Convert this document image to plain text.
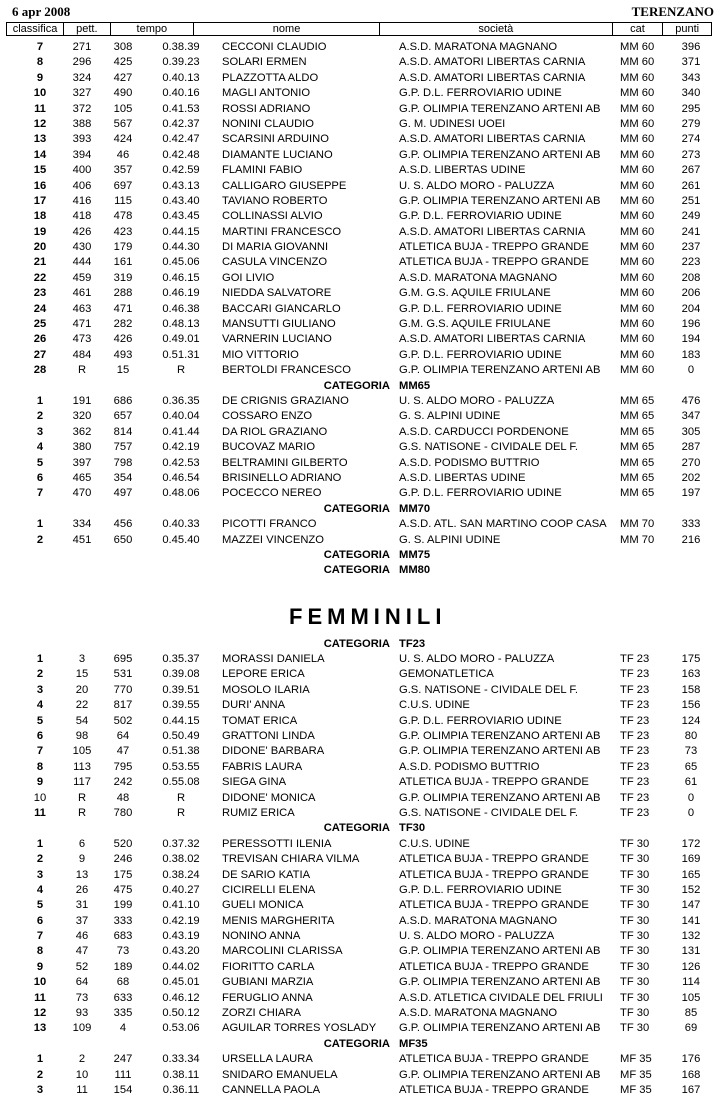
6 apr 2008	TERENZANO
classifica	pett.	tempo	nome	società	cat	punti
7	271	308	0.38.39	CECCONI CLAUDIO	A.S.D. MARATONA MAGNANO	MM 60	396
8	296	425	0.39.23	SOLARI ERMEN	A.S.D. AMATORI LIBERTAS CARNIA	MM 60	371
9	324	427	0.40.13	PLAZZOTTA ALDO	A.S.D. AMATORI LIBERTAS CARNIA	MM 60	343
10	327	490	0.40.16	MAGLI ANTONIO	G.P. D.L. FERROVIARIO UDINE	MM 60	340
11	372	105	0.41.53	ROSSI ADRIANO	G.P. OLIMPIA TERENZANO ARTENI AB	MM 60	295
12	388	567	0.42.37	NONINI CLAUDIO	G. M. UDINESI UOEI	MM 60	279
13	393	424	0.42.47	SCARSINI ARDUINO	A.S.D. AMATORI LIBERTAS CARNIA	MM 60	274
14	394	46	0.42.48	DIAMANTE LUCIANO	G.P. OLIMPIA TERENZANO ARTENI AB	MM 60	273
15	400	357	0.42.59	FLAMINI FABIO	A.S.D. LIBERTAS UDINE	MM 60	267
16	406	697	0.43.13	CALLIGARO GIUSEPPE	U. S. ALDO MORO - PALUZZA	MM 60	261
17	416	115	0.43.40	TAVIANO ROBERTO	G.P. OLIMPIA TERENZANO ARTENI AB	MM 60	251
18	418	478	0.43.45	COLLINASSI ALVIO	G.P. D.L. FERROVIARIO UDINE	MM 60	249
19	426	423	0.44.15	MARTINI FRANCESCO	A.S.D. AMATORI LIBERTAS CARNIA	MM 60	241
20	430	179	0.44.30	DI MARIA GIOVANNI	ATLETICA BUJA - TREPPO GRANDE	MM 60	237
21	444	161	0.45.06	CASULA VINCENZO	ATLETICA BUJA - TREPPO GRANDE	MM 60	223
22	459	319	0.46.15	GOI LIVIO	A.S.D. MARATONA MAGNANO	MM 60	208
23	461	288	0.46.19	NIEDDA SALVATORE	G.M. G.S. AQUILE FRIULANE	MM 60	206
24	463	471	0.46.38	BACCARI GIANCARLO	G.P. D.L. FERROVIARIO UDINE	MM 60	204
25	471	282	0.48.13	MANSUTTI GIULIANO	G.M. G.S. AQUILE FRIULANE	MM 60	196
26	473	426	0.49.01	VARNERIN LUCIANO	A.S.D. AMATORI LIBERTAS CARNIA	MM 60	194
27	484	493	0.51.31	MIO VITTORIO	G.P. D.L. FERROVIARIO UDINE	MM 60	183
28	R	15	R	BERTOLDI FRANCESCO	G.P. OLIMPIA TERENZANO ARTENI AB	MM 60	0
CATEGORIA MM65
1	191	686	0.36.35	DE CRIGNIS GRAZIANO	U. S. ALDO MORO - PALUZZA	MM 65	476
2	320	657	0.40.04	COSSARO ENZO	G. S. ALPINI UDINE	MM 65	347
3	362	814	0.41.44	DA RIOL GRAZIANO	A.S.D. CARDUCCI PORDENONE	MM 65	305
4	380	757	0.42.19	BUCOVAZ MARIO	G.S. NATISONE - CIVIDALE DEL F.	MM 65	287
5	397	798	0.42.53	BELTRAMINI GILBERTO	A.S.D. PODISMO BUTTRIO	MM 65	270
6	465	354	0.46.54	BRISINELLO ADRIANO	A.S.D. LIBERTAS UDINE	MM 65	202
7	470	497	0.48.06	POCECCO NEREO	G.P. D.L. FERROVIARIO UDINE	MM 65	197
CATEGORIA MM70
1	334	456	0.40.33	PICOTTI FRANCO	A.S.D. ATL. SAN MARTINO COOP CASA	MM 70	333
2	451	650	0.45.40	MAZZEI VINCENZO	G. S. ALPINI UDINE	MM 70	216
CATEGORIA MM75
CATEGORIA MM80
FEMMINILI
CATEGORIA TF23
1	3	695	0.35.37	MORASSI DANIELA	U. S. ALDO MORO - PALUZZA	TF 23	175
2	15	531	0.39.08	LEPORE ERICA	GEMONATLETICA	TF 23	163
3	20	770	0.39.51	MOSOLO ILARIA	G.S. NATISONE - CIVIDALE DEL F.	TF 23	158
4	22	817	0.39.55	DURI' ANNA	C.U.S. UDINE	TF 23	156
5	54	502	0.44.15	TOMAT ERICA	G.P. D.L. FERROVIARIO UDINE	TF 23	124
6	98	64	0.50.49	GRATTONI LINDA	G.P. OLIMPIA TERENZANO ARTENI AB	TF 23	80
7	105	47	0.51.38	DIDONE' BARBARA	G.P. OLIMPIA TERENZANO ARTENI AB	TF 23	73
8	113	795	0.53.55	FABRIS LAURA	A.S.D. PODISMO BUTTRIO	TF 23	65
9	117	242	0.55.08	SIEGA GINA	ATLETICA BUJA - TREPPO GRANDE	TF 23	61
10	R	48	R	DIDONE' MONICA	G.P. OLIMPIA TERENZANO ARTENI AB	TF 23	0
11	R	780	R	RUMIZ ERICA	G.S. NATISONE - CIVIDALE DEL F.	TF 23	0
CATEGORIA TF30
1	6	520	0.37.32	PERESSOTTI ILENIA	C.U.S. UDINE	TF 30	172
2	9	246	0.38.02	TREVISAN CHIARA VILMA	ATLETICA BUJA - TREPPO GRANDE	TF 30	169
3	13	175	0.38.24	DE SARIO KATIA	ATLETICA BUJA - TREPPO GRANDE	TF 30	165
4	26	475	0.40.27	CICIRELLI ELENA	G.P. D.L. FERROVIARIO UDINE	TF 30	152
5	31	199	0.41.10	GUELI MONICA	ATLETICA BUJA - TREPPO GRANDE	TF 30	147
6	37	333	0.42.19	MENIS MARGHERITA	A.S.D. MARATONA MAGNANO	TF 30	141
7	46	683	0.43.19	NONINO ANNA	U. S. ALDO MORO - PALUZZA	TF 30	132
8	47	73	0.43.20	MARCOLINI CLARISSA	G.P. OLIMPIA TERENZANO ARTENI AB	TF 30	131
9	52	189	0.44.02	FIORITTO CARLA	ATLETICA BUJA - TREPPO GRANDE	TF 30	126
10	64	68	0.45.01	GUBIANI MARZIA	G.P. OLIMPIA TERENZANO ARTENI AB	TF 30	114
11	73	633	0.46.12	FERUGLIO ANNA	A.S.D. ATLETICA CIVIDALE DEL FRIULI	TF 30	105
12	93	335	0.50.12	ZORZI CHIARA	A.S.D. MARATONA MAGNANO	TF 30	85
13	109	4	0.53.06	AGUILAR TORRES YOSLADY	G.P. OLIMPIA TERENZANO ARTENI AB	TF 30	69
CATEGORIA MF35
1	2	247	0.33.34	URSELLA LAURA	ATLETICA BUJA - TREPPO GRANDE	MF 35	176
2	10	111	0.38.11	SNIDARO EMANUELA	G.P. OLIMPIA TERENZANO ARTENI AB	MF 35	168
3	11	154	0.36.11	CANNELLA PAOLA	ATLETICA BUJA - TREPPO GRANDE	MF 35	167
